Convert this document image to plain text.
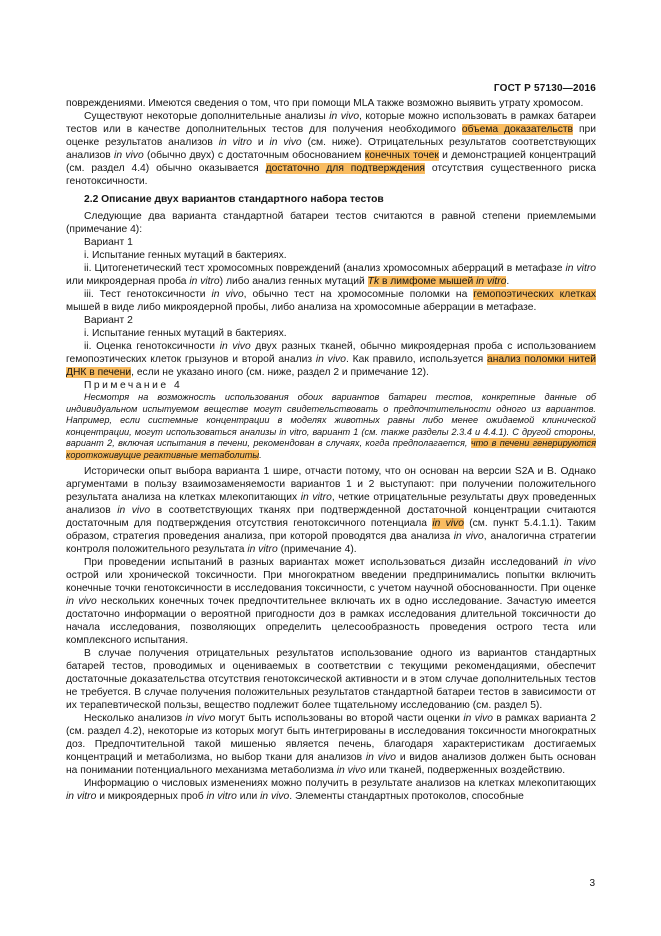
ГОСТ Р 57130—2016

повреждениями. Имеются сведения о том, что при помощи MLA также возможно выявить утрату хромосом.

Существуют некоторые дополнительные анализы in vivo, которые можно использовать в рамках батареи тестов или в качестве дополнительных тестов для получения необходимого объема доказательств при оценке результатов анализов in vitro и in vivo (см. ниже). Отрицательных результатов соответствующих анализов in vivo (обычно двух) с достаточным обоснованием конечных точек и демонстрацией концентраций (см. раздел 4.4) обычно оказывается достаточно для подтверждения отсутствия существенного риска генотоксичности.

2.2 Описание двух вариантов стандартного набора тестов

Следующие два варианта стандартной батареи тестов считаются в равной степени приемлемыми (примечание 4):

Вариант 1

i. Испытание генных мутаций в бактериях.

ii. Цитогенетический тест хромосомных повреждений (анализ хромосомных аберраций в метафазе in vitro или микроядерная проба in vitro) либо анализ генных мутаций Tk в лимфоме мышей in vitro.

iii. Тест генотоксичности in vivo, обычно тест на хромосомные поломки на гемопоэтических клетках мышей в виде либо микроядерной пробы, либо анализа на хромосомные аберрации в метафазе.

Вариант 2

i. Испытание генных мутаций в бактериях.

ii. Оценка генотоксичности in vivo двух разных тканей, обычно микроядерная проба с использованием гемопоэтических клеток грызунов и второй анализ in vivo. Как правило, используется анализ поломки нитей ДНК в печени, если не указано иного (см. ниже, раздел 2 и примечание 12).

Примечание 4

Несмотря на возможность использования обоих вариантов батареи тестов, конкретные данные об индивидуальном испытуемом веществе могут свидетельствовать о предпочтительности одного из вариантов. Например, если системные концентрации в моделях животных равны либо менее ожидаемой клинической концентрации, могут использоваться анализы in vitro, вариант 1 (см. также разделы 2.3.4 и 4.4.1). С другой стороны, вариант 2, включая испытания в печени, рекомендован в случаях, когда предполагается, что в печени генерируются короткоживущие реактивные метаболиты.

Исторически опыт выбора варианта 1 шире, отчасти потому, что он основан на версии S2A и B. Однако аргументами в пользу взаимозаменяемости вариантов 1 и 2 выступают: при получении положительного результата анализа на клетках млекопитающих in vitro, четкие отрицательные результаты двух проведенных анализов in vivo в соответствующих тканях при подтвержденной достаточной концентрации считаются достаточным для подтверждения отсутствия генотоксичного потенциала in vivo (см. пункт 5.4.1.1). Таким образом, стратегия проведения анализа, при которой проводятся два анализа in vivo, аналогична стратегии контроля положительного результата in vitro (примечание 4).

При проведении испытаний в разных вариантах может использоваться дизайн исследований in vivo острой или хронической токсичности. При многократном введении предпринимались попытки включить конечные точки генотоксичности в исследования токсичности, с учетом научной обоснованности. При оценке in vivo нескольких конечных точек предпочтительнее включать их в одно исследование. Зачастую имеется достаточно информации о вероятной пригодности доз в рамках исследования длительной токсичности до начала исследования, позволяющих определить целесообразность проведения острого теста или комплексного испытания.

В случае получения отрицательных результатов использование одного из вариантов стандартных батарей тестов, проводимых и оцениваемых в соответствии с текущими рекомендациями, обеспечит достаточные доказательства отсутствия генотоксической активности и в этом случае дополнительных тестов не требуется. В случае получения положительных результатов стандартной батареи тестов в зависимости от их терапевтической пользы, вещество подлежит более тщательному исследованию (см. раздел 5).

Несколько анализов in vivo могут быть использованы во второй части оценки in vivo в рамках варианта 2 (см. раздел 4.2), некоторые из которых могут быть интегрированы в исследования токсичности многократных доз. Предпочтительной такой мишенью является печень, благодаря характеристикам достигаемых концентраций и метаболизма, но выбор ткани для анализов in vivo и видов анализов должен быть основан на понимании потенциального механизма метаболизма in vivo или тканей, подверженных воздействию.

Информацию о числовых изменениях можно получить в результате анализов на клетках млекопитающих in vitro и микроядерных проб in vitro или in vivo. Элементы стандартных протоколов, способные

3
